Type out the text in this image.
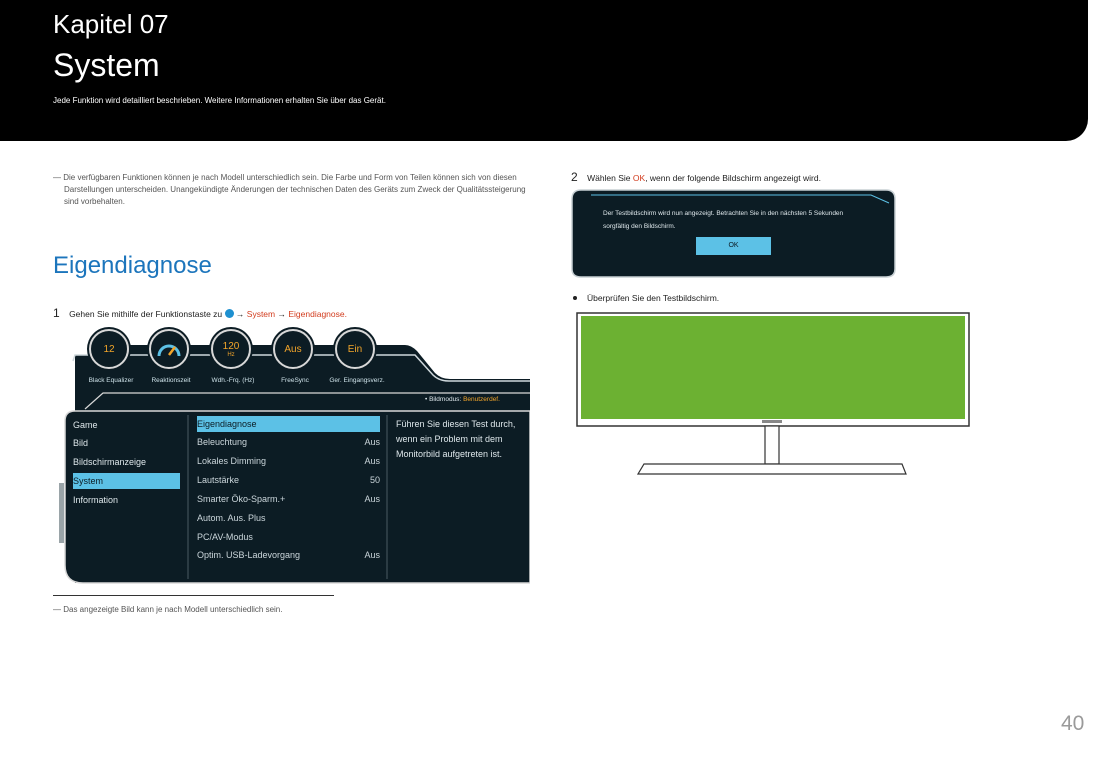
Kapitel 07
System
Jede Funktion wird detailliert beschrieben. Weitere Informationen erhalten Sie über das Gerät.
― Die verfügbaren Funktionen können je nach Modell unterschiedlich sein. Die Farbe und Form von Teilen können sich von diesen Darstellungen unterscheiden. Unangekündigte Änderungen der technischen Daten des Geräts zum Zweck der Qualitätssteigerung sind vorbehalten.
Eigendiagnose
1 Gehen Sie mithilfe der Funktionstaste zu → System → Eigendiagnose.
12	120
Hz	Aus	Ein
Black Equalizer	Reaktionszeit	Wdh.-Frq. (Hz)	FreeSync	Ger. Eingangsverz.
• Bildmodus: Benutzerdef.
Game
Bild
Bildschirmanzeige
System
Information
Eigendiagnose
Beleuchtung	Aus
Lokales Dimming	Aus
Lautstärke	50
Smarter Öko-Sparm.+	Aus
Autom. Aus. Plus
PC/AV-Modus
Optim. USB-Ladevorgang	Aus
Führen Sie diesen Test durch, wenn ein Problem mit dem Monitorbild aufgetreten ist.
― Das angezeigte Bild kann je nach Modell unterschiedlich sein.
2 Wählen Sie OK, wenn der folgende Bildschirm angezeigt wird.
Der Testbildschirm wird nun angezeigt. Betrachten Sie in den nächsten 5 Sekunden sorgfältig den Bildschirm.
OK
Überprüfen Sie den Testbildschirm.
40
